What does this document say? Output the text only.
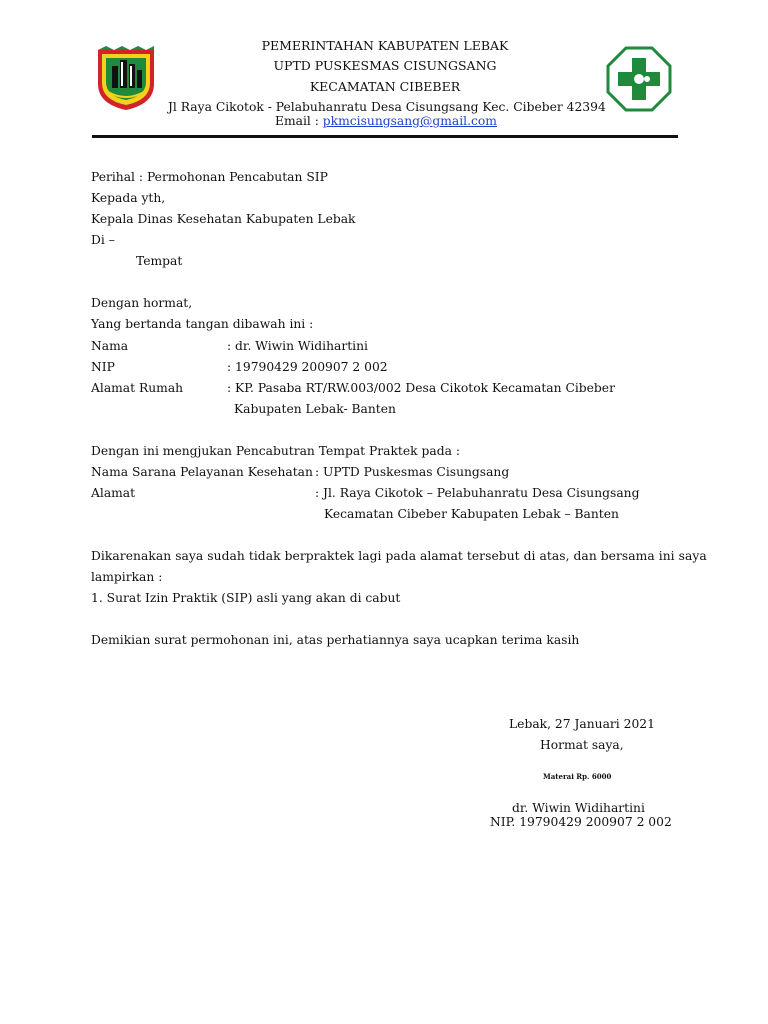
PEMERINTAHAN KABUPATEN LEBAK
UPTD PUSKESMAS CISUNGSANG
KECAMATAN CIBEBER
Jl Raya Cikotok - Pelabuhanratu Desa Cisungsang Kec. Cibeber 42394
Email : pkmcisungsang@gmail.com
Perihal : Permohonan Pencabutan SIP
Kepada yth,
Kepala Dinas Kesehatan Kabupaten Lebak
Di –
Tempat
Dengan hormat,
Yang bertanda tangan dibawah ini :
Nama	: dr. Wiwin Widihartini
NIP	: 19790429 200907 2 002
Alamat Rumah	: KP. Pasaba RT/RW.003/002 Desa Cikotok Kecamatan Cibeber
Kabupaten Lebak- Banten
Dengan ini mengjukan Pencabutran Tempat Praktek pada :
Nama Sarana Pelayanan Kesehatan : UPTD Puskesmas Cisungsang
Alamat	: Jl. Raya Cikotok – Pelabuhanratu Desa Cisungsang
Kecamatan Cibeber Kabupaten Lebak – Banten
Dikarenakan saya sudah tidak berpraktek lagi pada alamat tersebut di atas, dan bersama ini saya
lampirkan :
1. Surat Izin Praktik (SIP) asli yang akan di cabut
Demikian surat permohonan ini, atas perhatiannya saya ucapkan terima kasih
Lebak, 27 Januari 2021
Hormat saya,
Materai Rp. 6000
dr. Wiwin Widihartini
NIP. 19790429 200907 2 002
